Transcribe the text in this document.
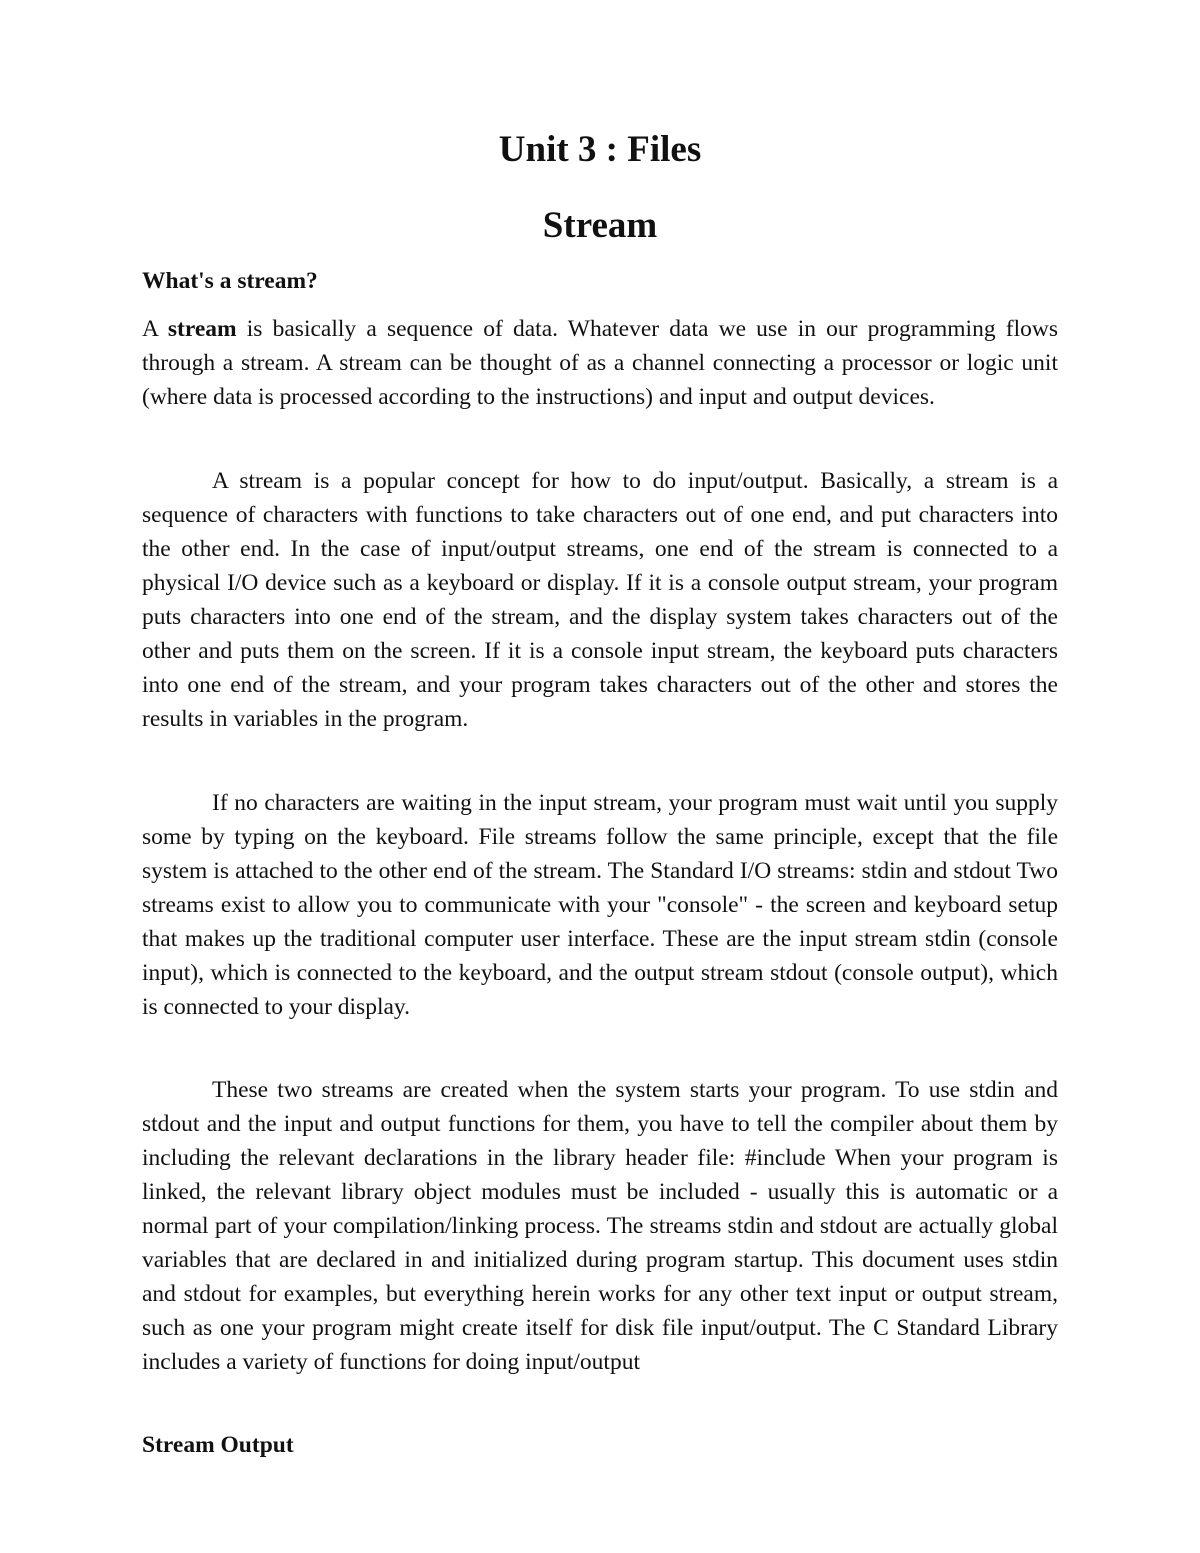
Unit 3 : Files
Stream
What's a stream?

A stream is basically a sequence of data. Whatever data we use in our programming flows through a stream. A stream can be thought of as a channel connecting a processor or logic unit (where data is processed according to the instructions) and input and output devices.

A stream is a popular concept for how to do input/output. Basically, a stream is a sequence of characters with functions to take characters out of one end, and put characters into the other end. In the case of input/output streams, one end of the stream is connected to a physical I/O device such as a keyboard or display. If it is a console output stream, your program puts characters into one end of the stream, and the display system takes characters out of the other and puts them on the screen. If it is a console input stream, the keyboard puts characters into one end of the stream, and your program takes characters out of the other and stores the results in variables in the program.

If no characters are waiting in the input stream, your program must wait until you supply some by typing on the keyboard. File streams follow the same principle, except that the file system is attached to the other end of the stream. The Standard I/O streams: stdin and stdout Two streams exist to allow you to communicate with your "console" - the screen and keyboard setup that makes up the traditional computer user interface. These are the input stream stdin (console input), which is connected to the keyboard, and the output stream stdout (console output), which is connected to your display.

These two streams are created when the system starts your program. To use stdin and stdout and the input and output functions for them, you have to tell the compiler about them by including the relevant declarations in the library header file: #include When your program is linked, the relevant library object modules must be included - usually this is automatic or a normal part of your compilation/linking process. The streams stdin and stdout are actually global variables that are declared in and initialized during program startup. This document uses stdin and stdout for examples, but everything herein works for any other text input or output stream, such as one your program might create itself for disk file input/output. The C Standard Library includes a variety of functions for doing input/output

Stream Output
